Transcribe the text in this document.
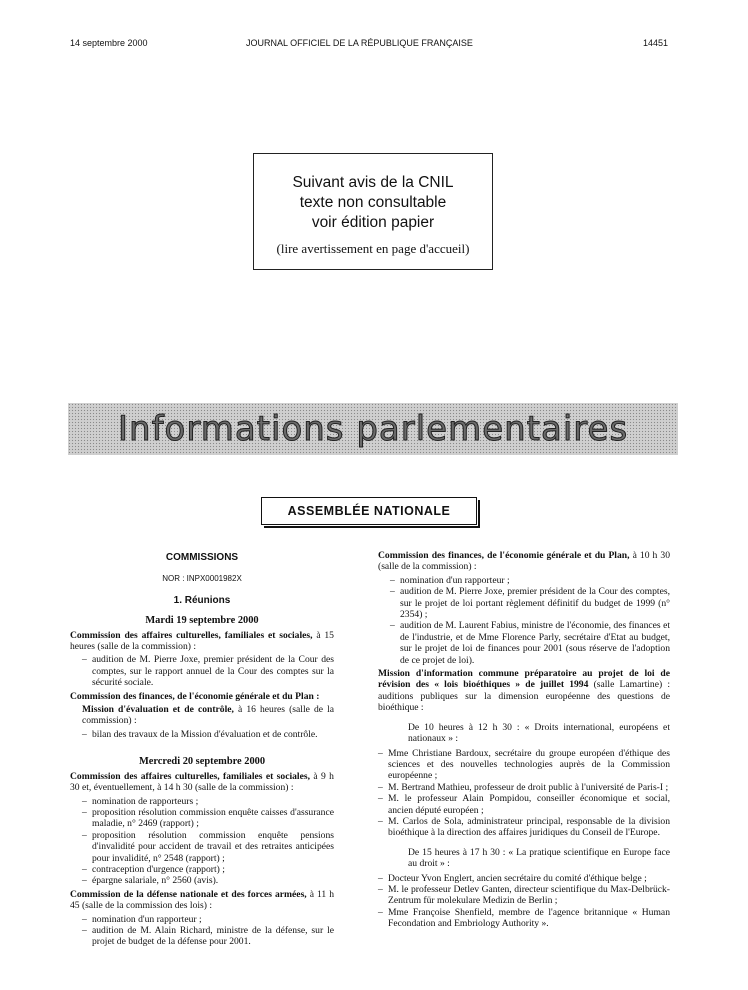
14 septembre 2000	JOURNAL OFFICIEL DE LA RÉPUBLIQUE FRANÇAISE	14451
Suivant avis de la CNIL
texte non consultable
voir édition papier
(lire avertissement en page d'accueil)
Informations parlementaires
ASSEMBLÉE NATIONALE
COMMISSIONS
NOR : INPX0001982X
1. Réunions
Mardi 19 septembre 2000

Commission des affaires culturelles, familiales et sociales, à 15 heures (salle de la commission) :

– audition de M. Pierre Joxe, premier président de la Cour des comptes, sur le rapport annuel de la Cour des comptes sur la sécurité sociale.

Commission des finances, de l'économie générale et du Plan :

Mission d'évaluation et de contrôle, à 16 heures (salle de la commission) :

– bilan des travaux de la Mission d'évaluation et de contrôle.
Mercredi 20 septembre 2000

Commission des affaires culturelles, familiales et sociales, à 9 h 30 et, éventuellement, à 14 h 30 (salle de la commission) :

– nomination de rapporteurs ;
– proposition résolution commission enquête caisses d'assurance maladie, n° 2469 (rapport) ;
– proposition résolution commission enquête pensions d'invalidité pour accident de travail et des retraites anticipées pour invalidité, n° 2548 (rapport) ;
– contraception d'urgence (rapport) ;
– épargne salariale, n° 2560 (avis).

Commission de la défense nationale et des forces armées, à 11 h 45 (salle de la commission des lois) :

– nomination d'un rapporteur ;
– audition de M. Alain Richard, ministre de la défense, sur le projet de budget de la défense pour 2001.

Commission des finances, de l'économie générale et du Plan, à 10 h 30 (salle de la commission) :

– nomination d'un rapporteur ;
– audition de M. Pierre Joxe, premier président de la Cour des comptes, sur le projet de loi portant règlement définitif du budget de 1999 (n° 2354) ;
– audition de M. Laurent Fabius, ministre de l'économie, des finances et de l'industrie, et de Mme Florence Parly, secrétaire d'Etat au budget, sur le projet de loi de finances pour 2001 (sous réserve de l'adoption de ce projet de loi).

Mission d'information commune préparatoire au projet de loi de révision des « lois bioéthiques » de juillet 1994 (salle Lamartine) : auditions publiques sur la dimension européenne des questions de bioéthique :

De 10 heures à 12 h 30 : « Droits international, européens et nationaux » :

– Mme Christiane Bardoux, secrétaire du groupe européen d'éthique des sciences et des nouvelles technologies auprès de la Commission européenne ;
– M. Bertrand Mathieu, professeur de droit public à l'université de Paris-I ;
– M. le professeur Alain Pompidou, conseiller économique et social, ancien député européen ;
– M. Carlos de Sola, administrateur principal, responsable de la division bioéthique à la direction des affaires juridiques du Conseil de l'Europe.

De 15 heures à 17 h 30 : « La pratique scientifique en Europe face au droit » :

– Docteur Yvon Englert, ancien secrétaire du comité d'éthique belge ;
– M. le professeur Detlev Ganten, directeur scientifique du Max-Delbrück-Zentrum für molekulare Medizin de Berlin ;
– Mme Françoise Shenfield, membre de l'agence britannique « Human Fecondation and Embriology Authority ».
